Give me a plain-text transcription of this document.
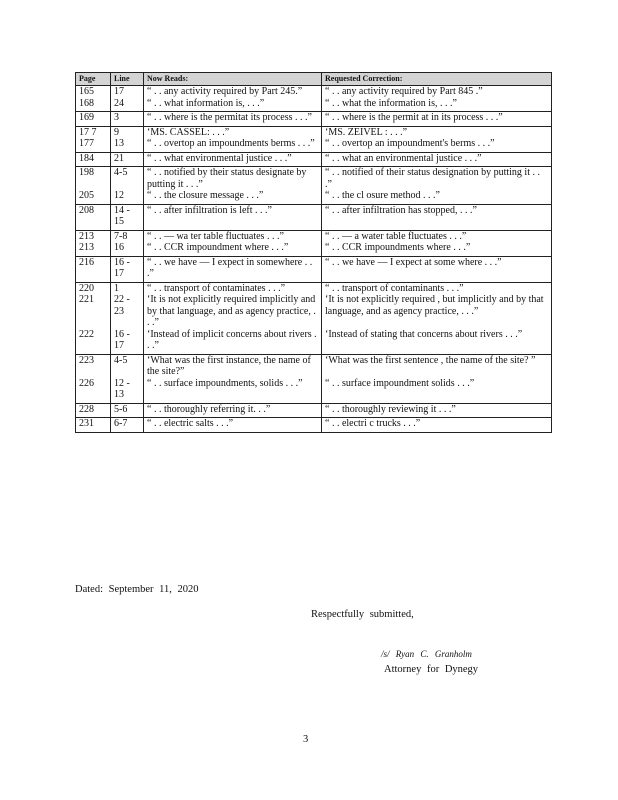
Page	Line	Now Reads:	Requested Correction:
165	17	“ . . any activity required by Part 245.”	“ . . any activity required by Part 845 .”
168	24	“ . . what information is, . . .”	“ . . what the information is, . . .”
169	3	“ . . where is the permitat its process . . .”	“ . . where is the permit at in its process . . .”
17 7	9	‘MS. CASSEL: . . .”	‘MS. ZEIVEL : . . .”
177	13	“ . . overtop an impoundments berms . . .”	“ . . overtop an impoundment's berms . . .”
184	21	“ . . what environmental justice . . .”	“ . . what an environmental justice . . .”
198	4-5	“ . . notified by their status designate by putting it . . .”	“ . . notified of their status designation by putting it . . .”
205	12	“ . . the closure message . . .”	“ . . the cl osure method . . .”
208	14 - 15	“ . . after infiltration is left . . .”	“ . . after infiltration has stopped, . . .”
213	7-8	“ . . — wa ter table fluctuates . . .”	“ . . — a water table fluctuates . . .”
213	16	“ . . CCR impoundment where . . .”	“ . . CCR impoundments where . . .”
216	16 - 17	“ . . we have — I expect in somewhere . . .”	“ . . we have — I expect at some where . . .”
220	1	“ . . transport of contaminates . . .”	“ . . transport of contaminants . . .”
221	22 - 23	‘It is not explicitly required implicitly and by that language, and as agency practice, . . .”	‘It is not explicitly required , but implicitly and by that language, and as agency practice, . . .”
222	16 - 17	‘Instead of implicit concerns about rivers . . .”	‘Instead of stating that concerns about rivers . . .”
223	4-5	‘What was the first instance, the name of the site?”	‘What was the first sentence , the name of the site? ”
226	12 - 13	“ . . surface impoundments, solids . . .”	“ . . surface impoundment solids . . .”
228	5-6	“ . . thoroughly referring it. . .”	“ . . thoroughly reviewing it . . .”
231	6-7	“ . . electric salts . . .”	“ . . electri c trucks . . .”
Dated: September 11, 2020
Respectfully submitted,
/s/ Ryan C. Granholm
Attorney for Dynegy
3
